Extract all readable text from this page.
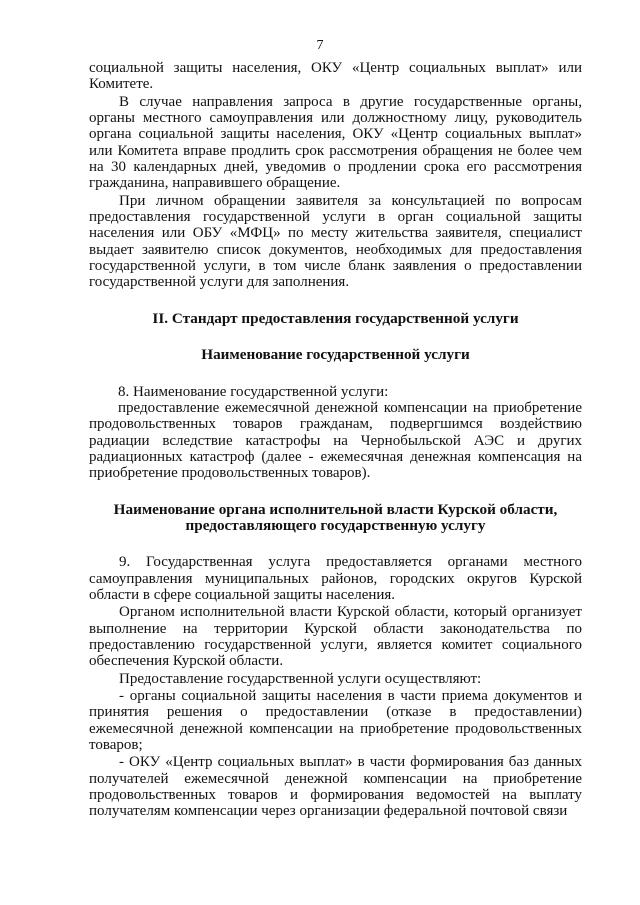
7

социальной защиты населения, ОКУ «Центр социальных выплат» или Комитете.

В случае направления запроса в другие государственные органы, органы местного самоуправления или должностному лицу, руководитель органа социальной защиты населения, ОКУ «Центр социальных выплат» или Комитета вправе продлить срок рассмотрения обращения не более чем на 30 календарных дней, уведомив о продлении срока его рассмотрения гражданина, направившего обращение.

При личном обращении заявителя за консультацией по вопросам предоставления государственной услуги в орган социальной защиты населения или ОБУ «МФЦ» по месту жительства заявителя, специалист выдает заявителю список документов, необходимых для предоставления государственной услуги, в том числе бланк заявления о предоставлении государственной услуги для заполнения.

II. Стандарт предоставления государственной услуги

Наименование государственной услуги

8. Наименование государственной услуги:

предоставление ежемесячной денежной компенсации на приобретение продовольственных товаров гражданам, подвергшимся воздействию радиации вследствие катастрофы на Чернобыльской АЭС и других радиационных катастроф (далее - ежемесячная денежная компенсация на приобретение продовольственных товаров).

Наименование органа исполнительной власти Курской области,

предоставляющего государственную услугу

9. Государственная услуга предоставляется органами местного самоуправления муниципальных районов, городских округов Курской области в сфере социальной защиты населения.

Органом исполнительной власти Курской области, который организует выполнение на территории Курской области законодательства по предоставлению государственной услуги, является комитет социального обеспечения Курской области.

Предоставление государственной услуги осуществляют:

- органы социальной защиты населения в части приема документов и принятия решения о предоставлении (отказе в предоставлении) ежемесячной денежной компенсации на приобретение продовольственных товаров;

- ОКУ «Центр социальных выплат» в части формирования баз данных получателей ежемесячной денежной компенсации на приобретение продовольственных товаров и формирования ведомостей на выплату получателям компенсации через организации федеральной почтовой связи
